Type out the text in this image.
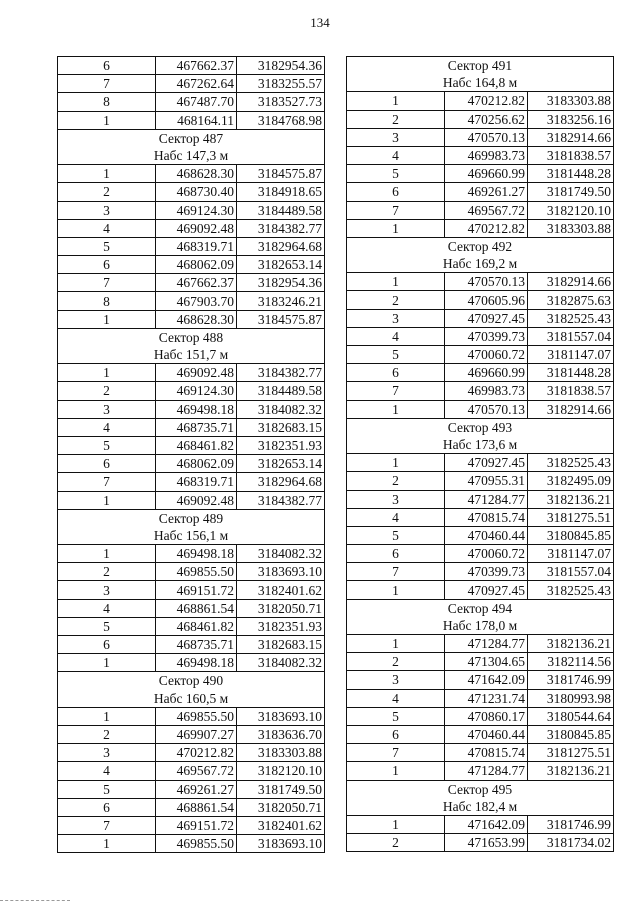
134
6	467662.37	3182954.36
7	467262.64	3183255.57
8	467487.70	3183527.73
1	468164.11	3184768.98
Сектор 487		
Набс 147,3 м		
1	468628.30	3184575.87
2	468730.40	3184918.65
3	469124.30	3184489.58
4	469092.48	3184382.77
5	468319.71	3182964.68
6	468062.09	3182653.14
7	467662.37	3182954.36
8	467903.70	3183246.21
1	468628.30	3184575.87
Сектор 488		
Набс 151,7 м		
1	469092.48	3184382.77
2	469124.30	3184489.58
3	469498.18	3184082.32
4	468735.71	3182683.15
5	468461.82	3182351.93
6	468062.09	3182653.14
7	468319.71	3182964.68
1	469092.48	3184382.77
Сектор 489		
Набс 156,1 м		
1	469498.18	3184082.32
2	469855.50	3183693.10
3	469151.72	3182401.62
4	468861.54	3182050.71
5	468461.82	3182351.93
6	468735.71	3182683.15
1	469498.18	3184082.32
Сектор 490		
Набс 160,5 м		
1	469855.50	3183693.10
2	469907.27	3183636.70
3	470212.82	3183303.88
4	469567.72	3182120.10
5	469261.27	3181749.50
6	468861.54	3182050.71
7	469151.72	3182401.62
1	469855.50	3183693.10
Сектор 491		
Набс 164,8 м		
1	470212.82	3183303.88
2	470256.62	3183256.16
3	470570.13	3182914.66
4	469983.73	3181838.57
5	469660.99	3181448.28
6	469261.27	3181749.50
7	469567.72	3182120.10
1	470212.82	3183303.88
Сектор 492		
Набс 169,2 м		
1	470570.13	3182914.66
2	470605.96	3182875.63
3	470927.45	3182525.43
4	470399.73	3181557.04
5	470060.72	3181147.07
6	469660.99	3181448.28
7	469983.73	3181838.57
1	470570.13	3182914.66
Сектор 493		
Набс 173,6 м		
1	470927.45	3182525.43
2	470955.31	3182495.09
3	471284.77	3182136.21
4	470815.74	3181275.51
5	470460.44	3180845.85
6	470060.72	3181147.07
7	470399.73	3181557.04
1	470927.45	3182525.43
Сектор 494		
Набс 178,0 м		
1	471284.77	3182136.21
2	471304.65	3182114.56
3	471642.09	3181746.99
4	471231.74	3180993.98
5	470860.17	3180544.64
6	470460.44	3180845.85
7	470815.74	3181275.51
1	471284.77	3182136.21
Сектор 495		
Набс 182,4 м		
1	471642.09	3181746.99
2	471653.99	3181734.02
